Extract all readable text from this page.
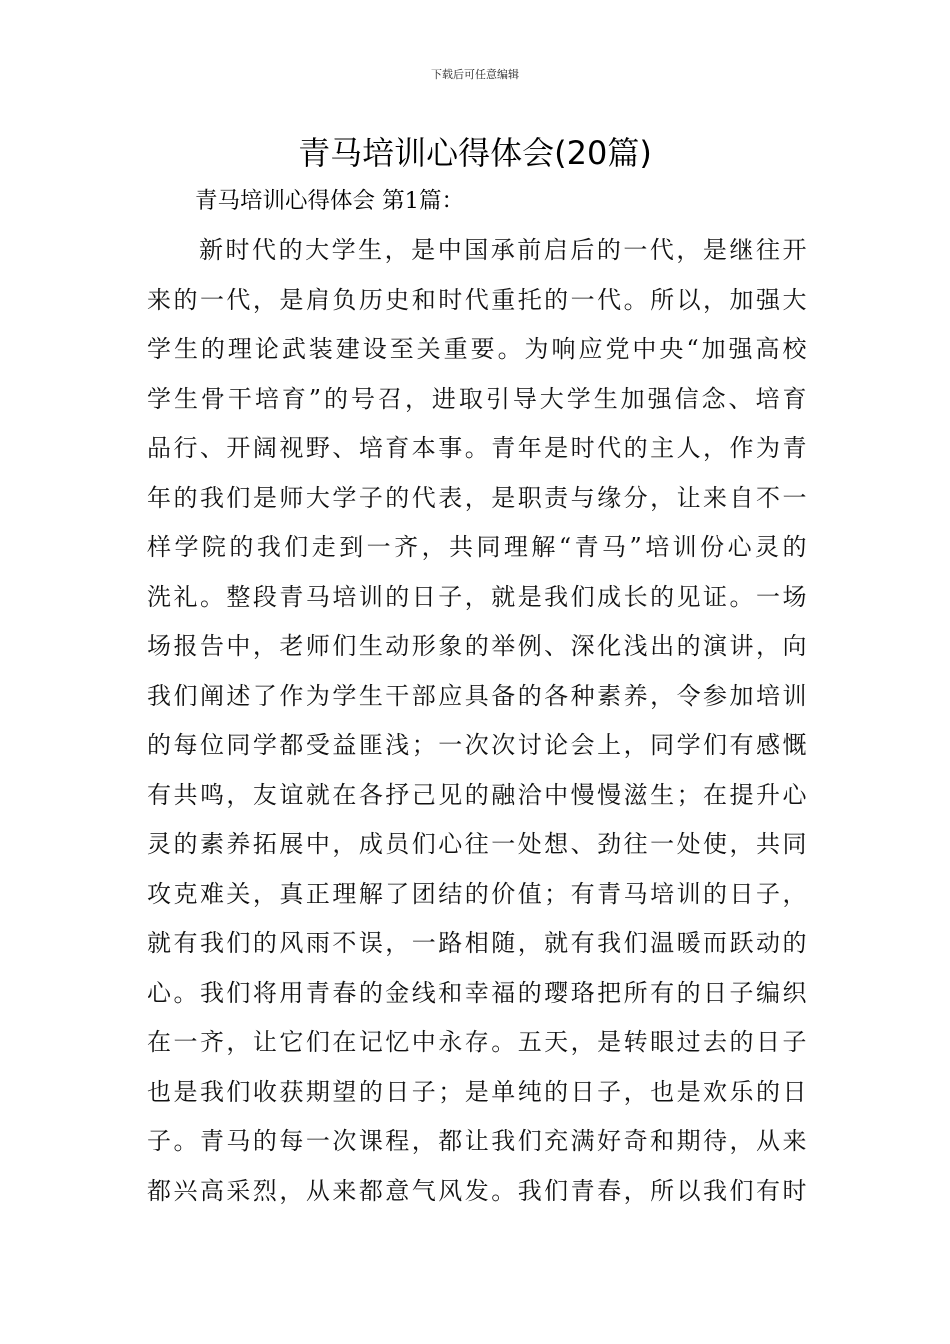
下载后可任意编辑
青马培训心得体会(20篇)
青马培训心得体会 第1篇：
新时代的大学生，是中国承前启后的一代，是继往开
来的一代，是肩负历史和时代重托的一代。所以，加强大
学生的理论武装建设至关重要。为响应党中央“加强高校
学生骨干培育”的号召，进取引导大学生加强信念、培育
品行、开阔视野、培育本事。青年是时代的主人，作为青
年的我们是师大学子的代表，是职责与缘分，让来自不一
样学院的我们走到一齐，共同理解“青马”培训份心灵的
洗礼。整段青马培训的日子，就是我们成长的见证。一场
场报告中，老师们生动形象的举例、深化浅出的演讲，向
我们阐述了作为学生干部应具备的各种素养，令参加培训
的每位同学都受益匪浅；一次次讨论会上，同学们有感慨
有共鸣，友谊就在各抒己见的融洽中慢慢滋生；在提升心
灵的素养拓展中，成员们心往一处想、劲往一处使，共同
攻克难关，真正理解了团结的价值；有青马培训的日子，
就有我们的风雨不误，一路相随，就有我们温暖而跃动的
心。我们将用青春的金线和幸福的璎珞把所有的日子编织
在一齐，让它们在记忆中永存。五天，是转眼过去的日子
也是我们收获期望的日子；是单纯的日子，也是欢乐的日
子。青马的每一次课程，都让我们充满好奇和期待，从来
都兴高采烈，从来都意气风发。我们青春，所以我们有时
